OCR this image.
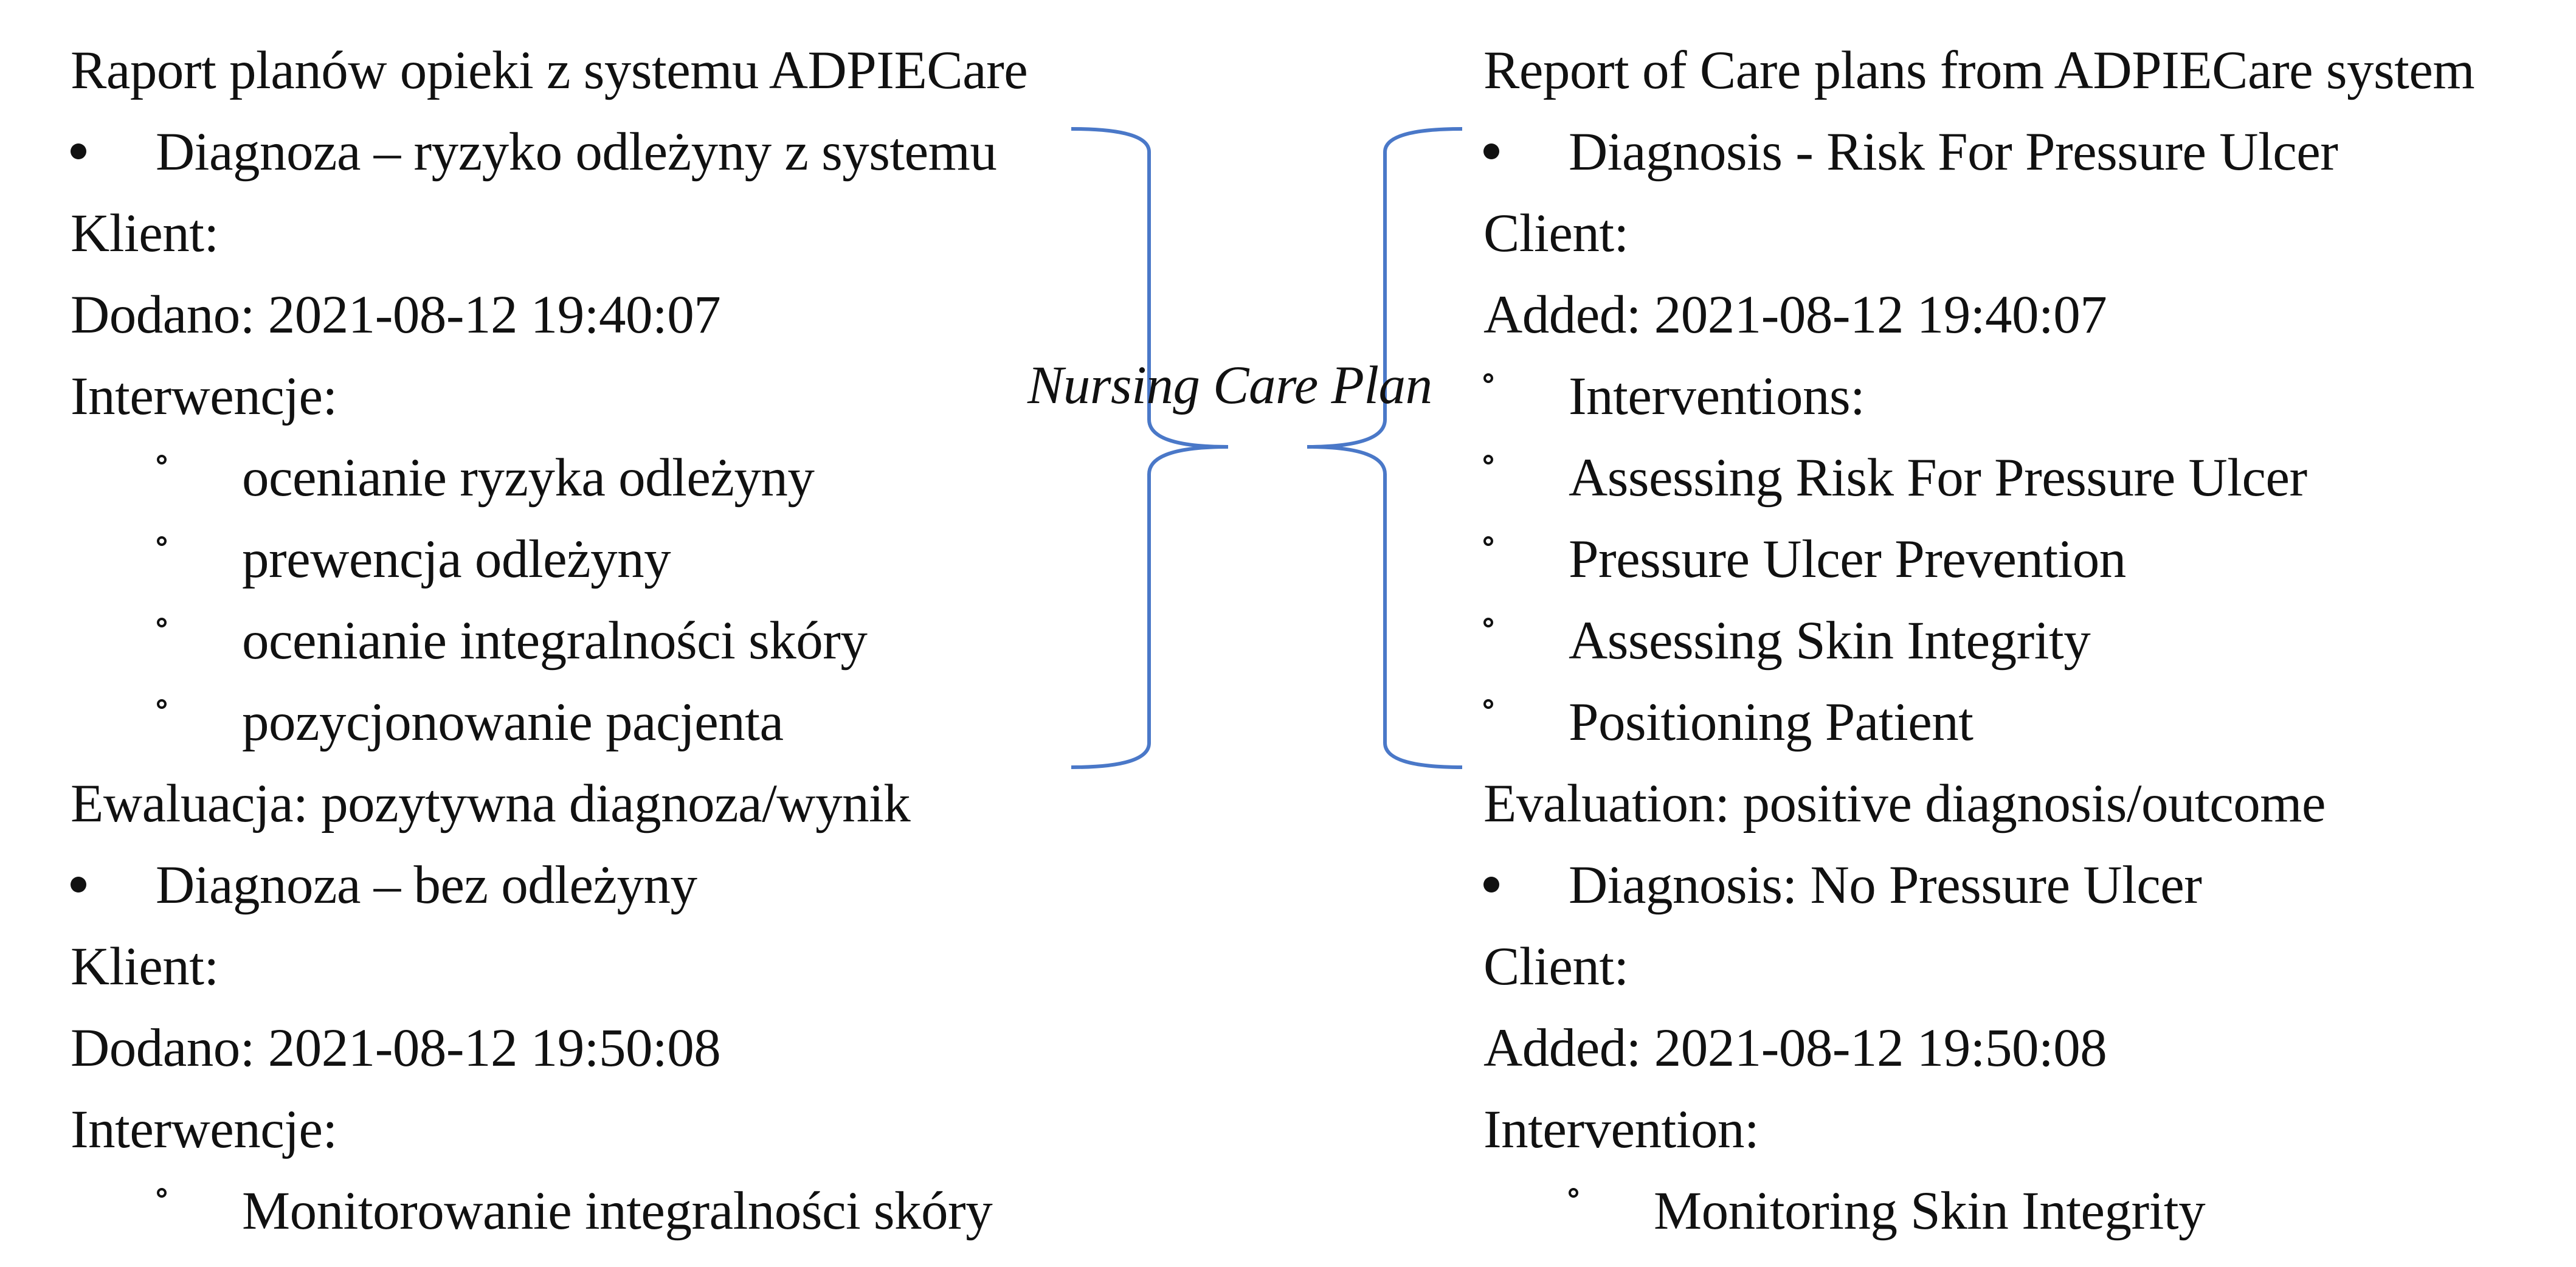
Raport planów opieki z systemu ADPIECare
Diagnoza – ryzyko odleżyny z systemu
Klient:
Dodano: 2021-08-12 19:40:07
Interwencje:
ocenianie ryzyka odleżyny
prewencja odleżyny
ocenianie integralności skóry
pozycjonowanie pacjenta
Ewaluacja: pozytywna diagnoza/wynik
Diagnoza – bez odleżyny
Klient:
Dodano: 2021-08-12 19:50:08
Interwencje:
Monitorowanie integralności skóry
Report of Care plans from ADPIECare system
Diagnosis - Risk For Pressure Ulcer
Client:
Added: 2021-08-12 19:40:07
Interventions:
Assessing Risk For Pressure Ulcer
Pressure Ulcer Prevention
Assessing Skin Integrity
Positioning Patient
Evaluation: positive diagnosis/outcome
Diagnosis: No Pressure Ulcer
Client:
Added: 2021-08-12 19:50:08
Intervention:
Monitoring Skin Integrity
Nursing Care Plan
